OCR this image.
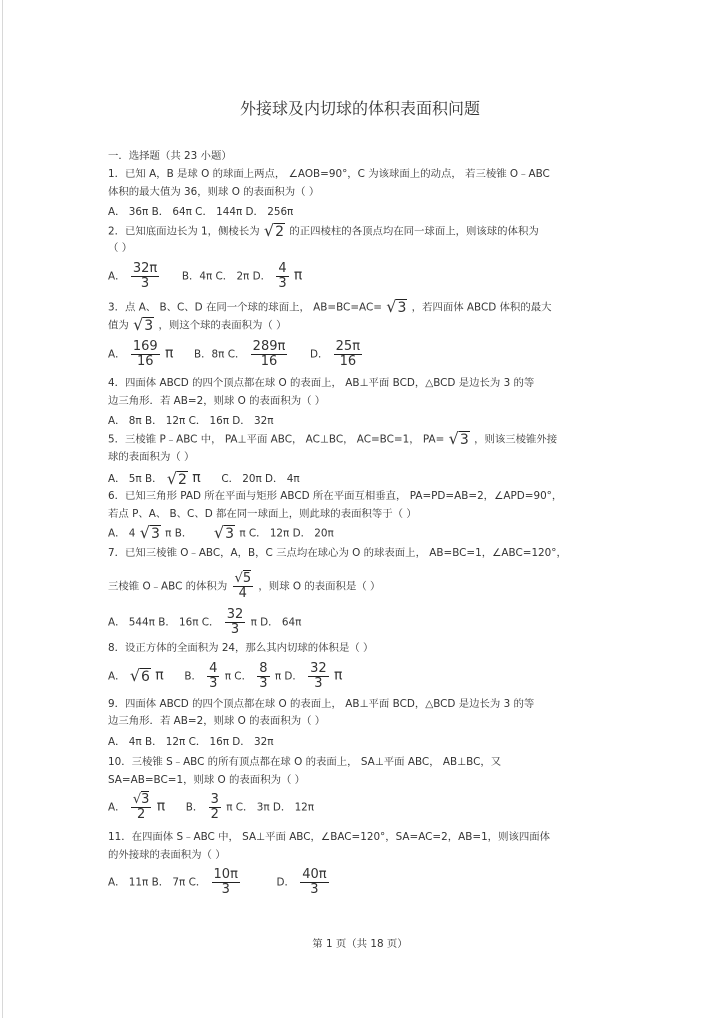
外接球及内切球的体积表面积问题
一．选择题（共 23 小题）
1．已知 A，B 是球 O 的球面上两点， ∠AOB=90°，C 为该球面上的动点， 若三棱锥 O﹣ABC
体积的最大值为 36，则球 O 的表面积为（ ）
A． 36π B． 64π C． 144π D． 256π
2．已知底面边长为 1，侧棱长为 √2 的正四棱柱的各顶点均在同一球面上，则该球的体积为
（ ）
A． $\frac{32\pi}{3}$ B．4π C． 2π D． $\frac{4}{3}$ π
3．点 A、 B、C、D 在同一个球的球面上， AB=BC=AC= √3 ，若四面体 ABCD 体积的最大
值为 √3 ，则这个球的表面积为（ ）
A． $\frac{169}{16}$ π B．8π C． $\frac{289\pi}{16}$ D． $\frac{25\pi}{16}$
4．四面体 ABCD 的四个顶点都在球 O 的表面上， AB⊥平面 BCD，△BCD 是边长为 3 的等
边三角形．若 AB=2，则球 O 的表面积为（ ）
A． 8π B． 12π C． 16π D． 32π
5．三棱锥 P﹣ABC 中， PA⊥平面 ABC， AC⊥BC， AC=BC=1， PA= √3 ，则该三棱锥外接
球的表面积为（ ）
A． 5π B． √2 π C． 20π D． 4π
6．已知三角形 PAD 所在平面与矩形 ABCD 所在平面互相垂直， PA=PD=AB=2，∠APD=90°，
若点 P、A、 B、C、D 都在同一球面上，则此球的表面积等于（ ）
A． 4 √3 π B． √3 π C． 12π D． 20π
7．已知三棱锥 O﹣ABC，A，B，C 三点均在球心为 O 的球表面上， AB=BC=1，∠ABC=120°，
三棱锥 O﹣ABC 的体积为 $\frac{√5}{4}$ ，则球 O 的表面积是（ ）
A． 544π B． 16π C． $\frac{32}{3}$ π D． 64π
8．设正方体的全面积为 24，那么其内切球的体积是（ ）
A． √6 π B． $\frac{4}{3}$ π C． $\frac{8}{3}$ π D． $\frac{32}{3}$ π
9．四面体 ABCD 的四个顶点都在球 O 的表面上， AB⊥平面 BCD，△BCD 是边长为 3 的等
边三角形．若 AB=2，则球 O 的表面积为（ ）
A． 4π B． 12π C． 16π D． 32π
10．三棱锥 S﹣ABC 的所有顶点都在球 O 的表面上， SA⊥平面 ABC， AB⊥BC，又
SA=AB=BC=1，则球 O 的表面积为（ ）
A． $\frac{√3}{2}$ π B． $\frac{3}{2}$ π C． 3π D． 12π
11．在四面体 S﹣ABC 中， SA⊥平面 ABC，∠BAC=120°，SA=AC=2，AB=1，则该四面体
的外接球的表面积为（ ）
A． 11π B． 7π C． $\frac{10\pi}{3}$	D． $\frac{40\pi}{3}$
第 1 页（共 18 页）
